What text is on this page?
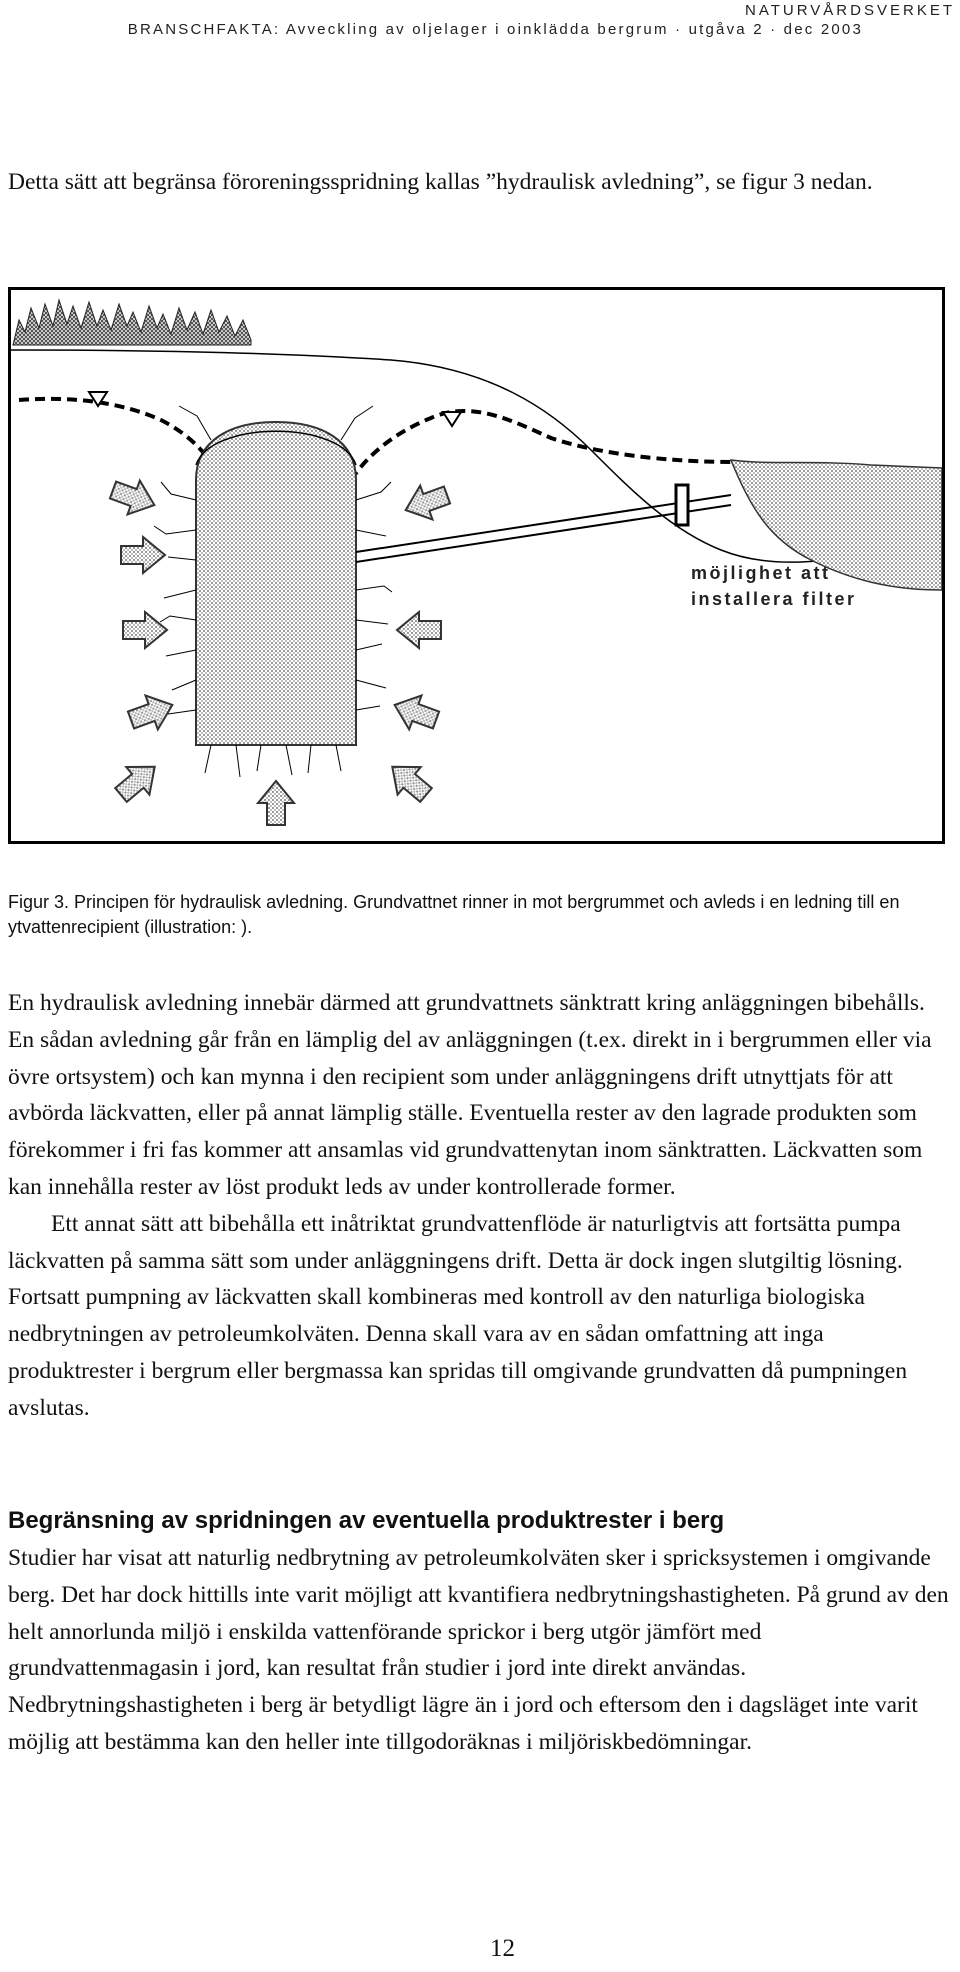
NATURVÅRDSVERKET
BRANSCHFAKTA: Avveckling av oljelager i oinklädda bergrum · utgåva 2 · dec 2003

Detta sätt att begränsa föroreningsspridning kallas ”hydraulisk avledning”, se figur 3 nedan.

möjlighet att installera filter

Figur 3. Principen för hydraulisk avledning. Grundvattnet rinner in mot bergrummet och avleds i en ledning till en ytvattenrecipient (illustration: ).

En hydraulisk avledning innebär därmed att grundvattnets sänktratt kring anläggningen bibehålls. En sådan avledning går från en lämplig del av anläggningen (t.ex. direkt in i bergrummen eller via övre ortsystem) och kan mynna i den recipient som under anläggningens drift utnyttjats för att avbörda läckvatten, eller på annat lämplig ställe. Eventuella rester av den lagrade produkten som förekommer i fri fas kommer att ansamlas vid grundvattenytan inom sänktratten. Läckvatten som kan innehålla rester av löst produkt leds av under kontrollerade former.

Ett annat sätt att bibehålla ett inåtriktat grundvattenflöde är naturligtvis att fortsätta pumpa läckvatten på samma sätt som under anläggningens drift. Detta är dock ingen slutgiltig lösning. Fortsatt pumpning av läckvatten skall kombineras med kontroll av den naturliga biologiska nedbrytningen av petroleumkolväten. Denna skall vara av en sådan omfattning att inga produktrester i bergrum eller bergmassa kan spridas till omgivande grundvatten då pumpningen avslutas.

Begränsning av spridningen av eventuella produktrester i berg

Studier har visat att naturlig nedbrytning av petroleumkolväten sker i spricksystemen i omgivande berg. Det har dock hittills inte varit möjligt att kvantifiera nedbrytningshastigheten. På grund av den helt annorlunda miljö i enskilda vattenförande sprickor i berg utgör jämfört med grundvattenmagasin i jord, kan resultat från studier i jord inte direkt användas. Nedbrytningshastigheten i berg är betydligt lägre än i jord och eftersom den i dagsläget inte varit möjlig att bestämma kan den heller inte tillgodoräknas i miljöriskbedömningar.

12
